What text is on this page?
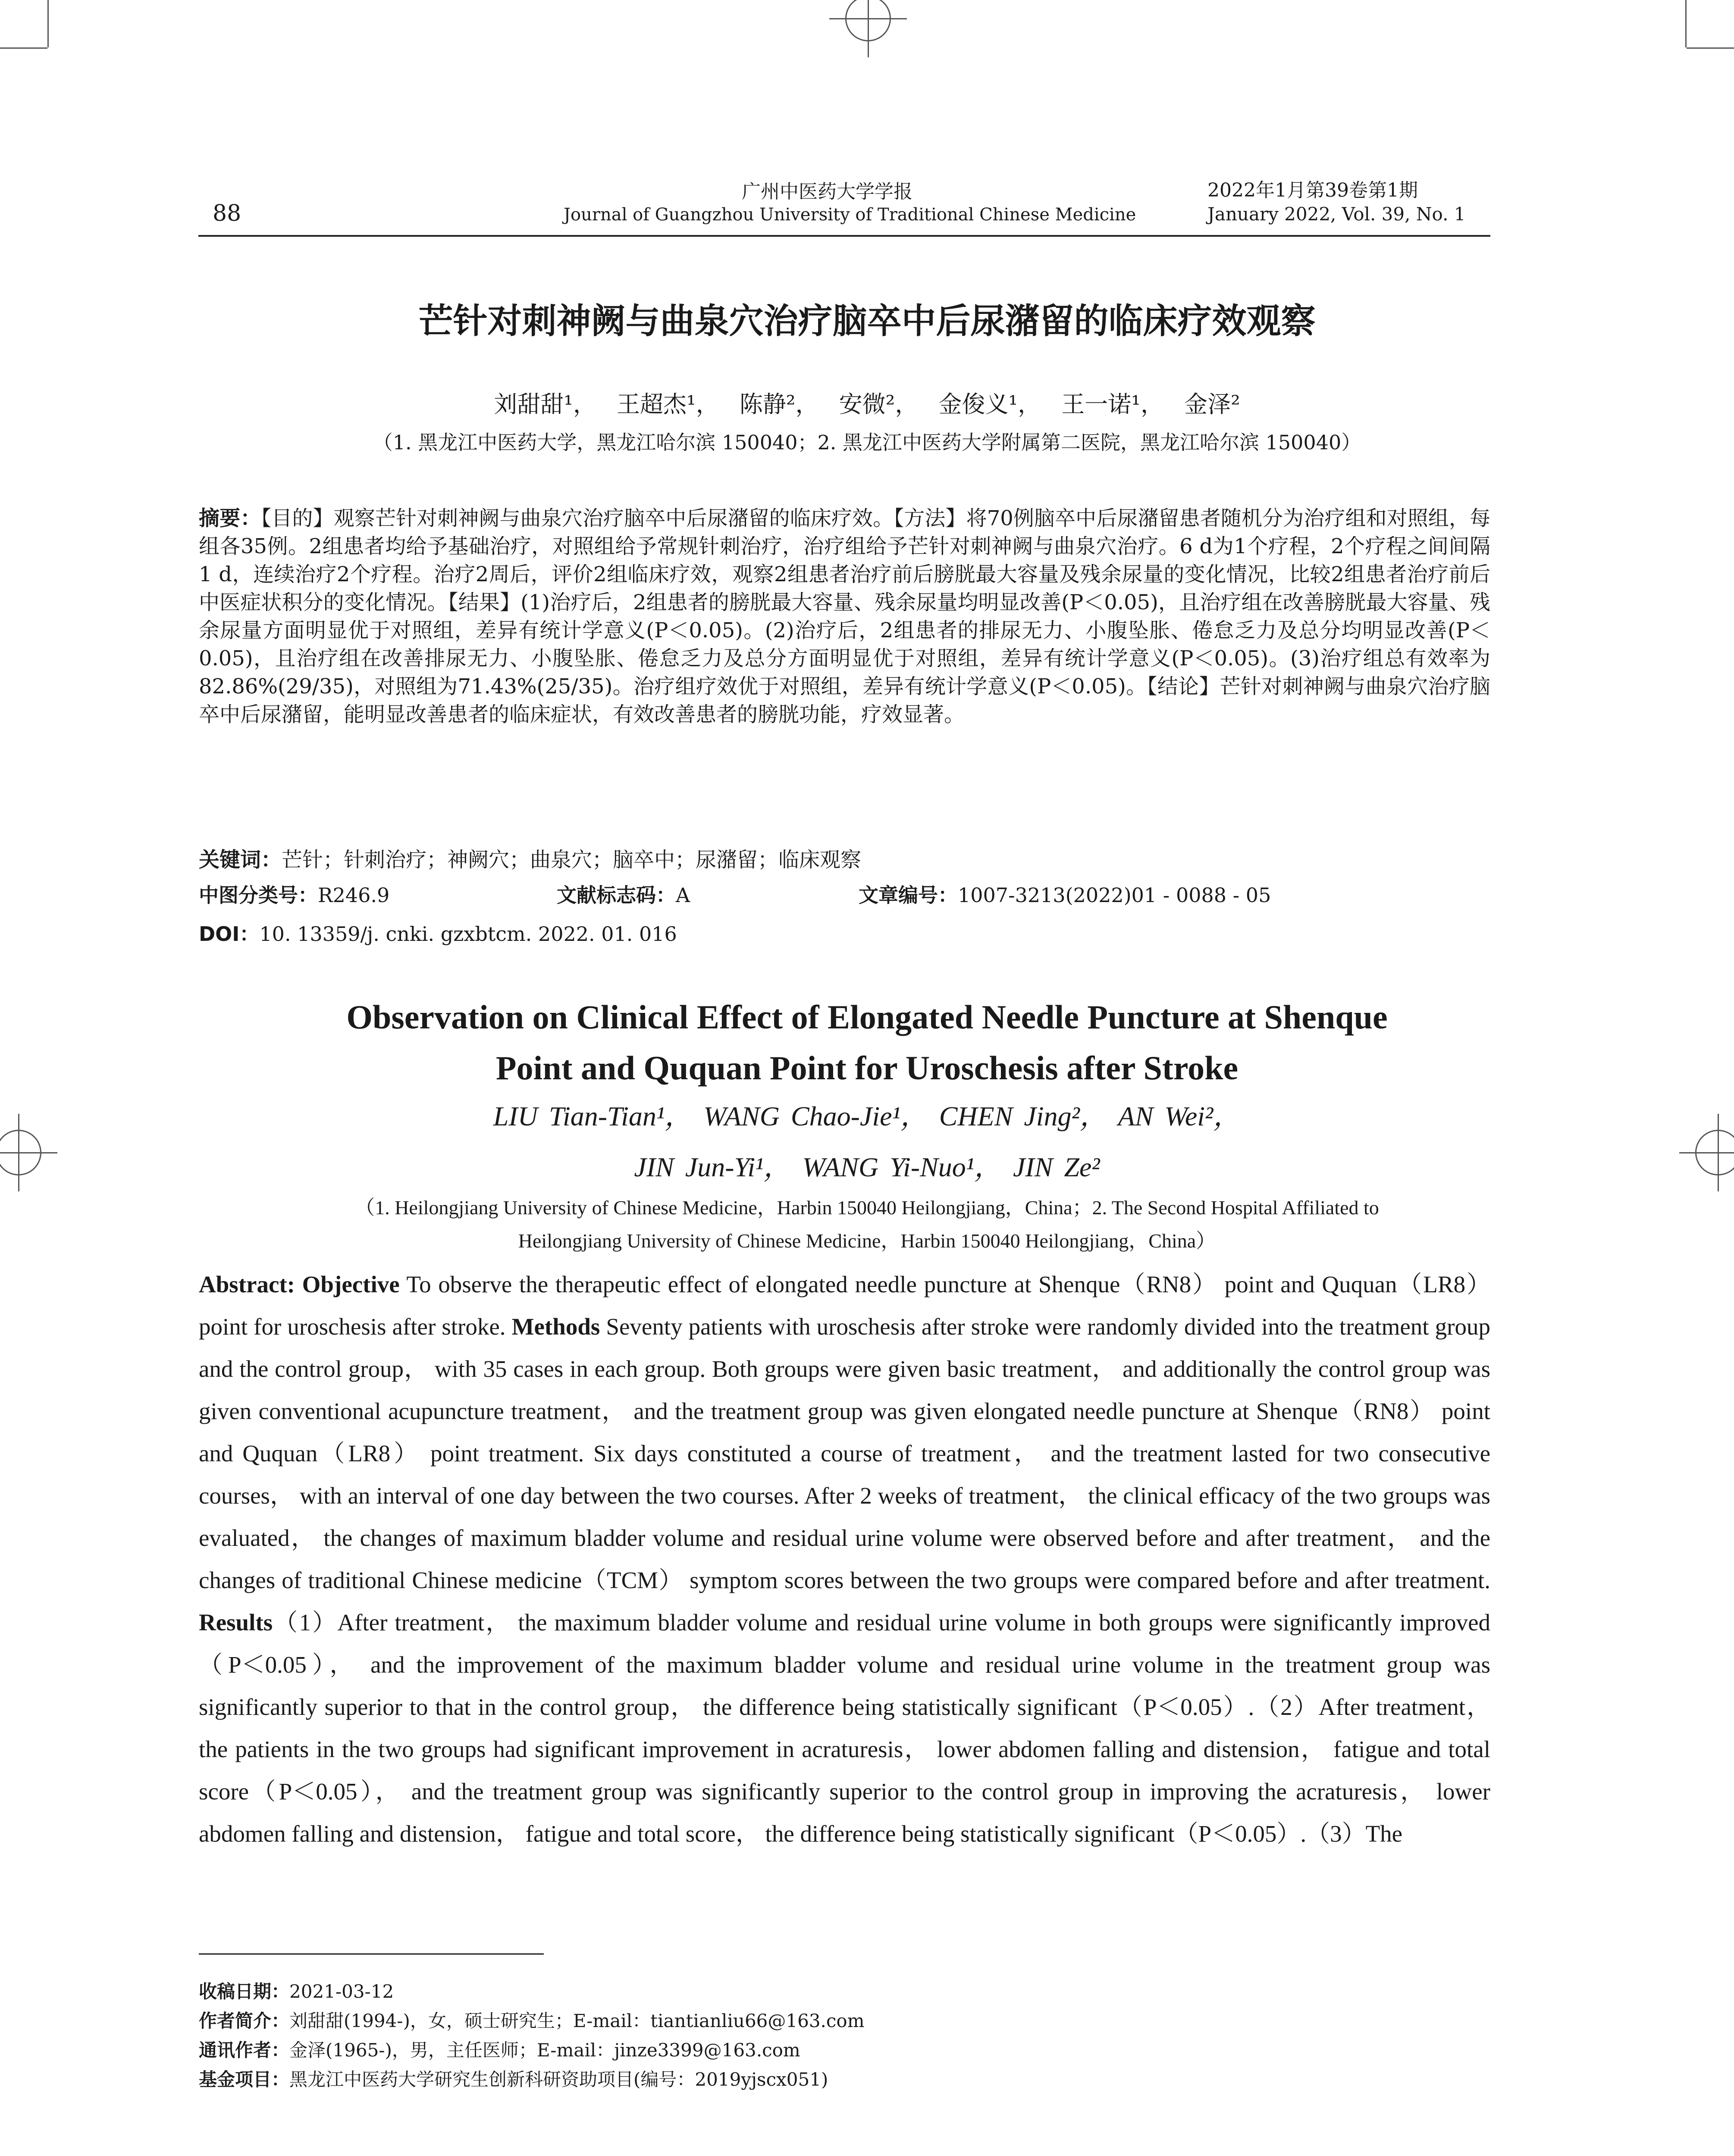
88
广州中医药大学学报
Journal of Guangzhou University of Traditional Chinese Medicine
2022年1月第39卷第1期
January 2022, Vol. 39, No. 1
芒针对刺神阙与曲泉穴治疗脑卒中后尿潴留的临床疗效观察
刘甜甜¹， 王超杰¹， 陈静²， 安微²， 金俊义¹， 王一诺¹， 金泽²
（1. 黑龙江中医药大学，黑龙江哈尔滨 150040；2. 黑龙江中医药大学附属第二医院，黑龙江哈尔滨 150040）
摘要：【目的】观察芒针对刺神阙与曲泉穴治疗脑卒中后尿潴留的临床疗效。【方法】将70例脑卒中后尿潴留患者随机分为治疗组和对照组，每组各35例。2组患者均给予基础治疗，对照组给予常规针刺治疗，治疗组给予芒针对刺神阙与曲泉穴治疗。6 d为1个疗程，2个疗程之间间隔1 d，连续治疗2个疗程。治疗2周后，评价2组临床疗效，观察2组患者治疗前后膀胱最大容量及残余尿量的变化情况，比较2组患者治疗前后中医症状积分的变化情况。【结果】(1)治疗后，2组患者的膀胱最大容量、残余尿量均明显改善(P＜0.05)，且治疗组在改善膀胱最大容量、残余尿量方面明显优于对照组，差异有统计学意义(P＜0.05)。(2)治疗后，2组患者的排尿无力、小腹坠胀、倦怠乏力及总分均明显改善(P＜0.05)，且治疗组在改善排尿无力、小腹坠胀、倦怠乏力及总分方面明显优于对照组，差异有统计学意义(P＜0.05)。(3)治疗组总有效率为82.86%(29/35)，对照组为71.43%(25/35)。治疗组疗效优于对照组，差异有统计学意义(P＜0.05)。【结论】芒针对刺神阙与曲泉穴治疗脑卒中后尿潴留，能明显改善患者的临床症状，有效改善患者的膀胱功能，疗效显著。
关键词：芒针；针刺治疗；神阙穴；曲泉穴；脑卒中；尿潴留；临床观察
中图分类号：R246.9	文献标志码：A	文章编号：1007-3213(2022)01 - 0088 - 05
DOI：10. 13359/j. cnki. gzxbtcm. 2022. 01. 016
Observation on Clinical Effect of Elongated Needle Puncture at Shenque
Point and Ququan Point for Uroschesis after Stroke
LIU Tian-Tian¹， WANG Chao-Jie¹， CHEN Jing²， AN Wei²，
JIN Jun-Yi¹， WANG Yi-Nuo¹， JIN Ze²
（1. Heilongjiang University of Chinese Medicine，Harbin 150040 Heilongjiang，China；2. The Second Hospital Affiliated to
Heilongjiang University of Chinese Medicine，Harbin 150040 Heilongjiang，China）
Abstract: Objective To observe the therapeutic effect of elongated needle puncture at Shenque（RN8） point and Ququan（LR8） point for uroschesis after stroke. Methods Seventy patients with uroschesis after stroke were randomly divided into the treatment group and the control group， with 35 cases in each group. Both groups were given basic treatment， and additionally the control group was given conventional acupuncture treatment， and the treatment group was given elongated needle puncture at Shenque（RN8） point and Ququan（LR8） point treatment. Six days constituted a course of treatment， and the treatment lasted for two consecutive courses， with an interval of one day between the two courses. After 2 weeks of treatment， the clinical efficacy of the two groups was evaluated， the changes of maximum bladder volume and residual urine volume were observed before and after treatment， and the changes of traditional Chinese medicine（TCM） symptom scores between the two groups were compared before and after treatment. Results（1）After treatment， the maximum bladder volume and residual urine volume in both groups were significantly improved（P＜0.05）， and the improvement of the maximum bladder volume and residual urine volume in the treatment group was significantly superior to that in the control group， the difference being statistically significant（P＜0.05）.（2）After treatment， the patients in the two groups had significant improvement in acraturesis， lower abdomen falling and distension， fatigue and total score（P＜0.05）， and the treatment group was significantly superior to the control group in improving the acraturesis， lower abdomen falling and distension， fatigue and total score， the difference being statistically significant（P＜0.05）.（3）The
收稿日期：2021-03-12
作者简介：刘甜甜(1994-)，女，硕士研究生；E-mail：tiantianliu66@163.com
通讯作者：金泽(1965-)，男，主任医师；E-mail：jinze3399@163.com
基金项目：黑龙江中医药大学研究生创新科研资助项目(编号：2019yjscx051)
